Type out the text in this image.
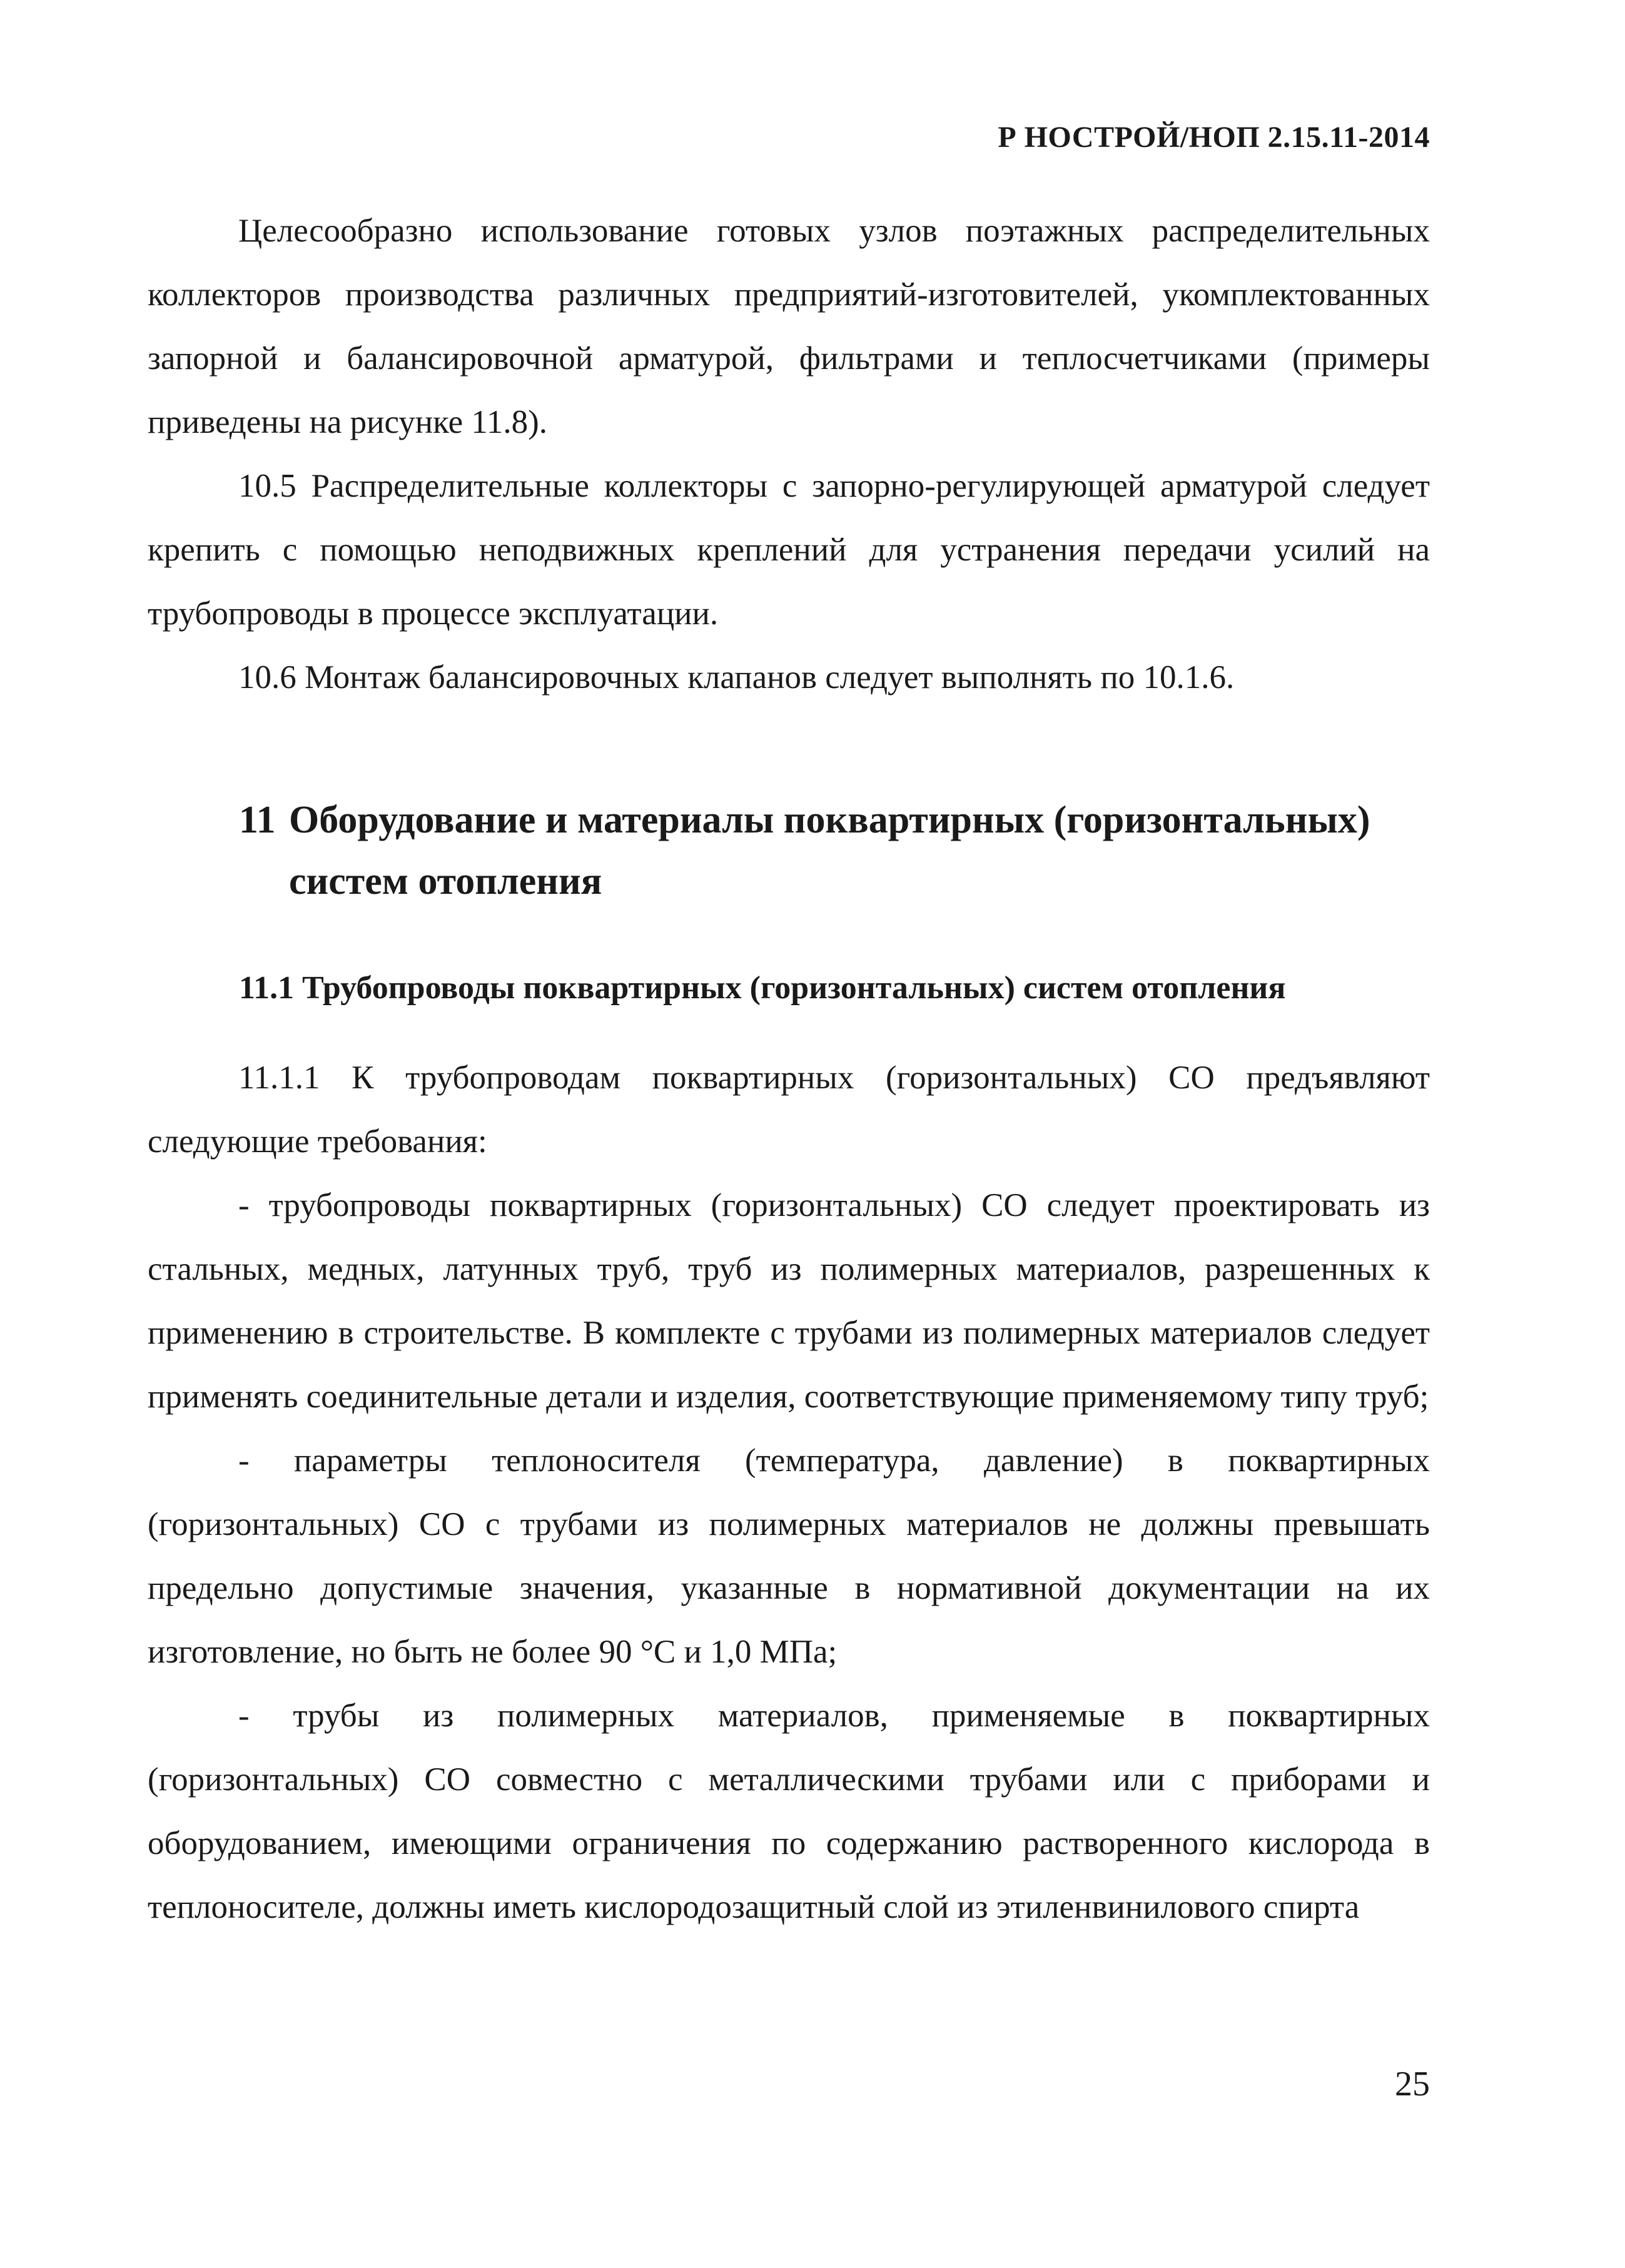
Р НОСТРОЙ/НОП 2.15.11-2014

Целесообразно использование готовых узлов поэтажных распределительных коллекторов производства различных предприятий-изготовителей, укомплектованных запорной и балансировочной арматурой, фильтрами и теплосчетчиками (примеры приведены на рисунке 11.8).

10.5 Распределительные коллекторы с запорно-регулирующей арматурой следует крепить с помощью неподвижных креплений для устранения передачи усилий на трубопроводы в процессе эксплуатации.

10.6 Монтаж балансировочных клапанов следует выполнять по 10.1.6.

11 Оборудование и материалы поквартирных (горизонтальных)
систем отопления
11.1 Трубопроводы поквартирных (горизонтальных) систем отопления

11.1.1 К трубопроводам поквартирных (горизонтальных) СО предъявляют следующие требования:

- трубопроводы поквартирных (горизонтальных) СО следует проектировать из стальных, медных, латунных труб, труб из полимерных материалов, разрешенных к применению в строительстве. В комплекте с трубами из полимерных материалов следует применять соединительные детали и изделия, соответствующие применяемому типу труб;

- параметры теплоносителя (температура, давление) в поквартирных (горизонтальных) СО с трубами из полимерных материалов не должны превышать предельно допустимые значения, указанные в нормативной документации на их изготовление, но быть не более 90 °С и 1,0 МПа;

- трубы из полимерных материалов, применяемые в поквартирных (горизонтальных) СО совместно с металлическими трубами или с приборами и оборудованием, имеющими ограничения по содержанию растворенного кислорода в теплоносителе, должны иметь кислородозащитный слой из этиленвинилового спирта

25
